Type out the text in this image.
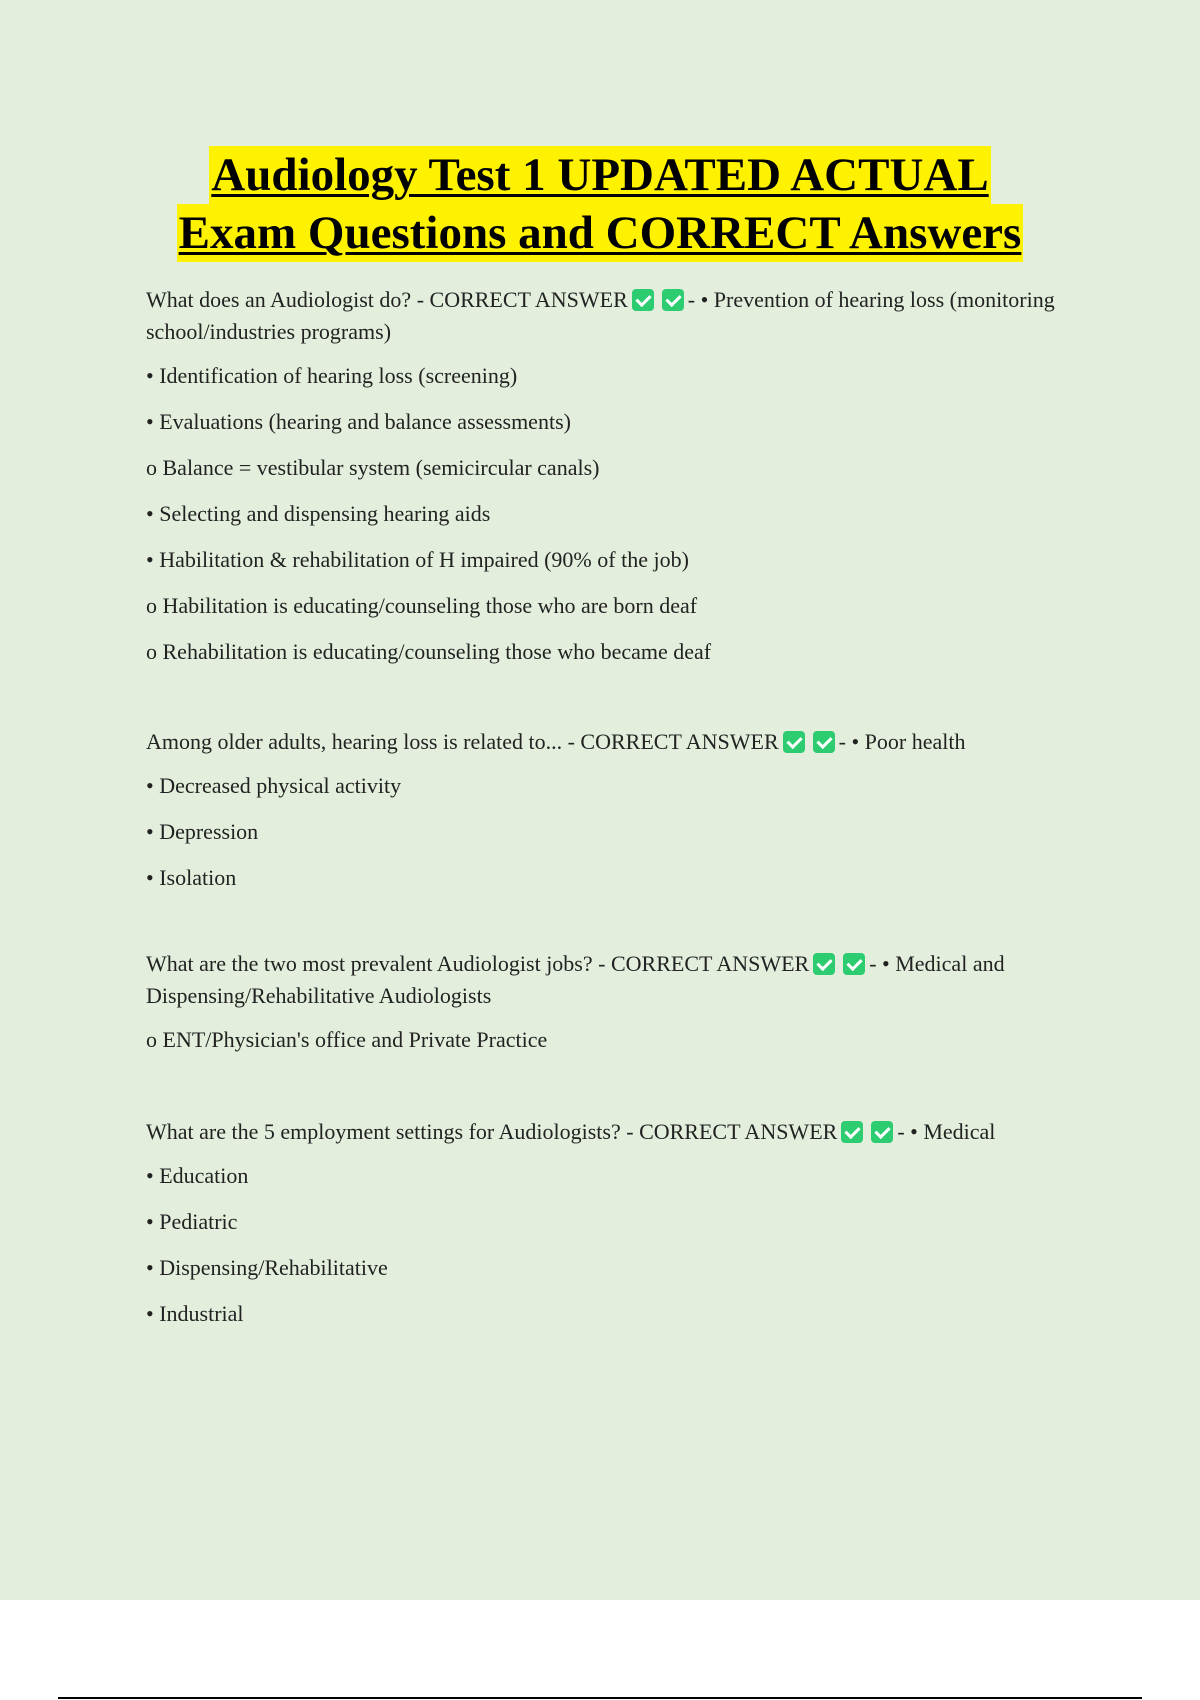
Audiology Test 1 UPDATED ACTUAL
Exam Questions and CORRECT Answers

What does an Audiologist do? - CORRECT ANSWER	- • Prevention of hearing loss (monitoring school/industries programs)

• Identification of hearing loss (screening)

• Evaluations (hearing and balance assessments)

o Balance = vestibular system (semicircular canals)

• Selecting and dispensing hearing aids

• Habilitation & rehabilitation of H impaired (90% of the job)

o Habilitation is educating/counseling those who are born deaf

o Rehabilitation is educating/counseling those who became deaf

Among older adults, hearing loss is related to... - CORRECT ANSWER	- • Poor health

• Decreased physical activity

• Depression

• Isolation

What are the two most prevalent Audiologist jobs? - CORRECT ANSWER	- • Medical and Dispensing/Rehabilitative Audiologists

o ENT/Physician's office and Private Practice

What are the 5 employment settings for Audiologists? - CORRECT ANSWER	- • Medical

• Education

• Pediatric

• Dispensing/Rehabilitative

• Industrial
